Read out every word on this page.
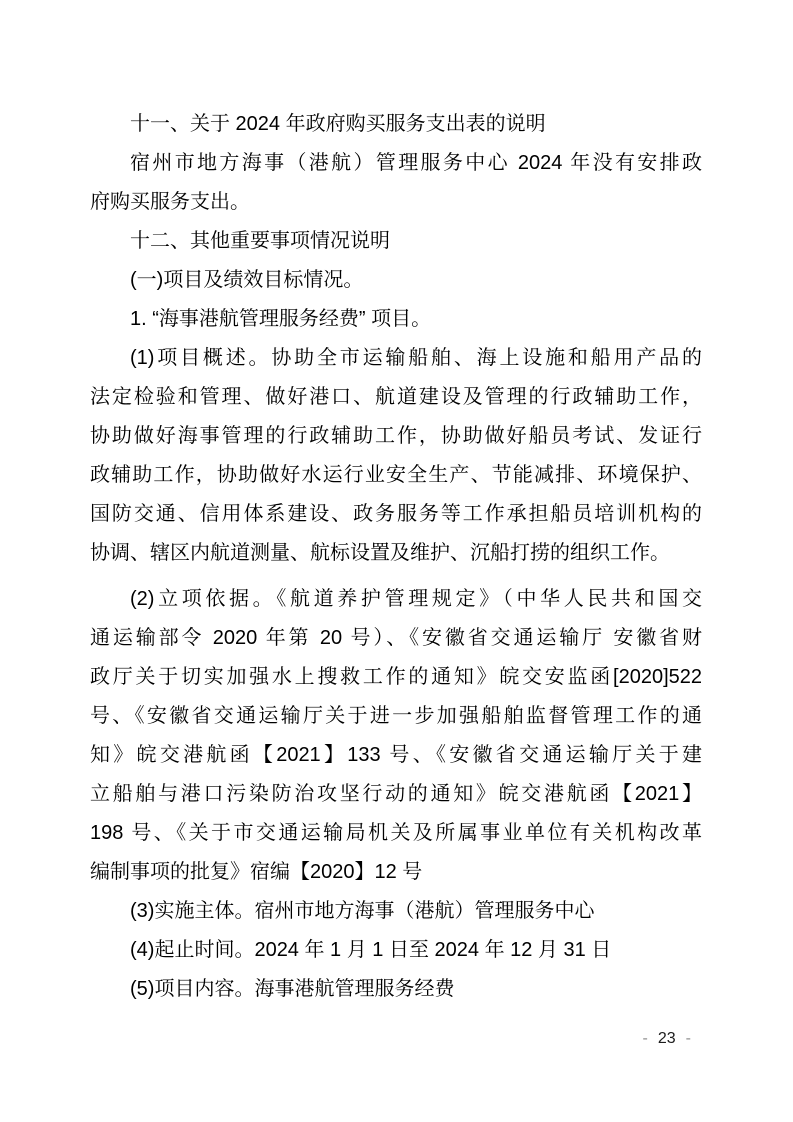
十一、关于 2024 年政府购买服务支出表的说明
宿州市地方海事（港航）管理服务中心 2024 年没有安排政
府购买服务支出。
十二、其他重要事项情况说明
(一)项目及绩效目标情况。
1. “海事港航管理服务经费” 项目。
(1)项目概述。协助全市运输船舶、海上设施和船用产品的
法定检验和管理、做好港口、航道建设及管理的行政辅助工作，
协助做好海事管理的行政辅助工作，协助做好船员考试、发证行
政辅助工作，协助做好水运行业安全生产、节能减排、环境保护、
国防交通、信用体系建设、政务服务等工作承担船员培训机构的
协调、辖区内航道测量、航标设置及维护、沉船打捞的组织工作。
(2)立项依据。《航道养护管理规定》（中华人民共和国交
通运输部令 2020 年第 20 号）、《安徽省交通运输厅 安徽省财
政厅关于切实加强水上搜救工作的通知》皖交安监函[2020]522
号、《安徽省交通运输厅关于进一步加强船舶监督管理工作的通
知》皖交港航函【2021】133 号、《安徽省交通运输厅关于建
立船舶与港口污染防治攻坚行动的通知》皖交港航函【2021】
198 号、《关于市交通运输局机关及所属事业单位有关机构改革
编制事项的批复》宿编【2020】12 号
(3)实施主体。宿州市地方海事（港航）管理服务中心
(4)起止时间。2024 年 1 月 1 日至 2024 年 12 月 31 日
(5)项目内容。海事港航管理服务经费
- 23 -
